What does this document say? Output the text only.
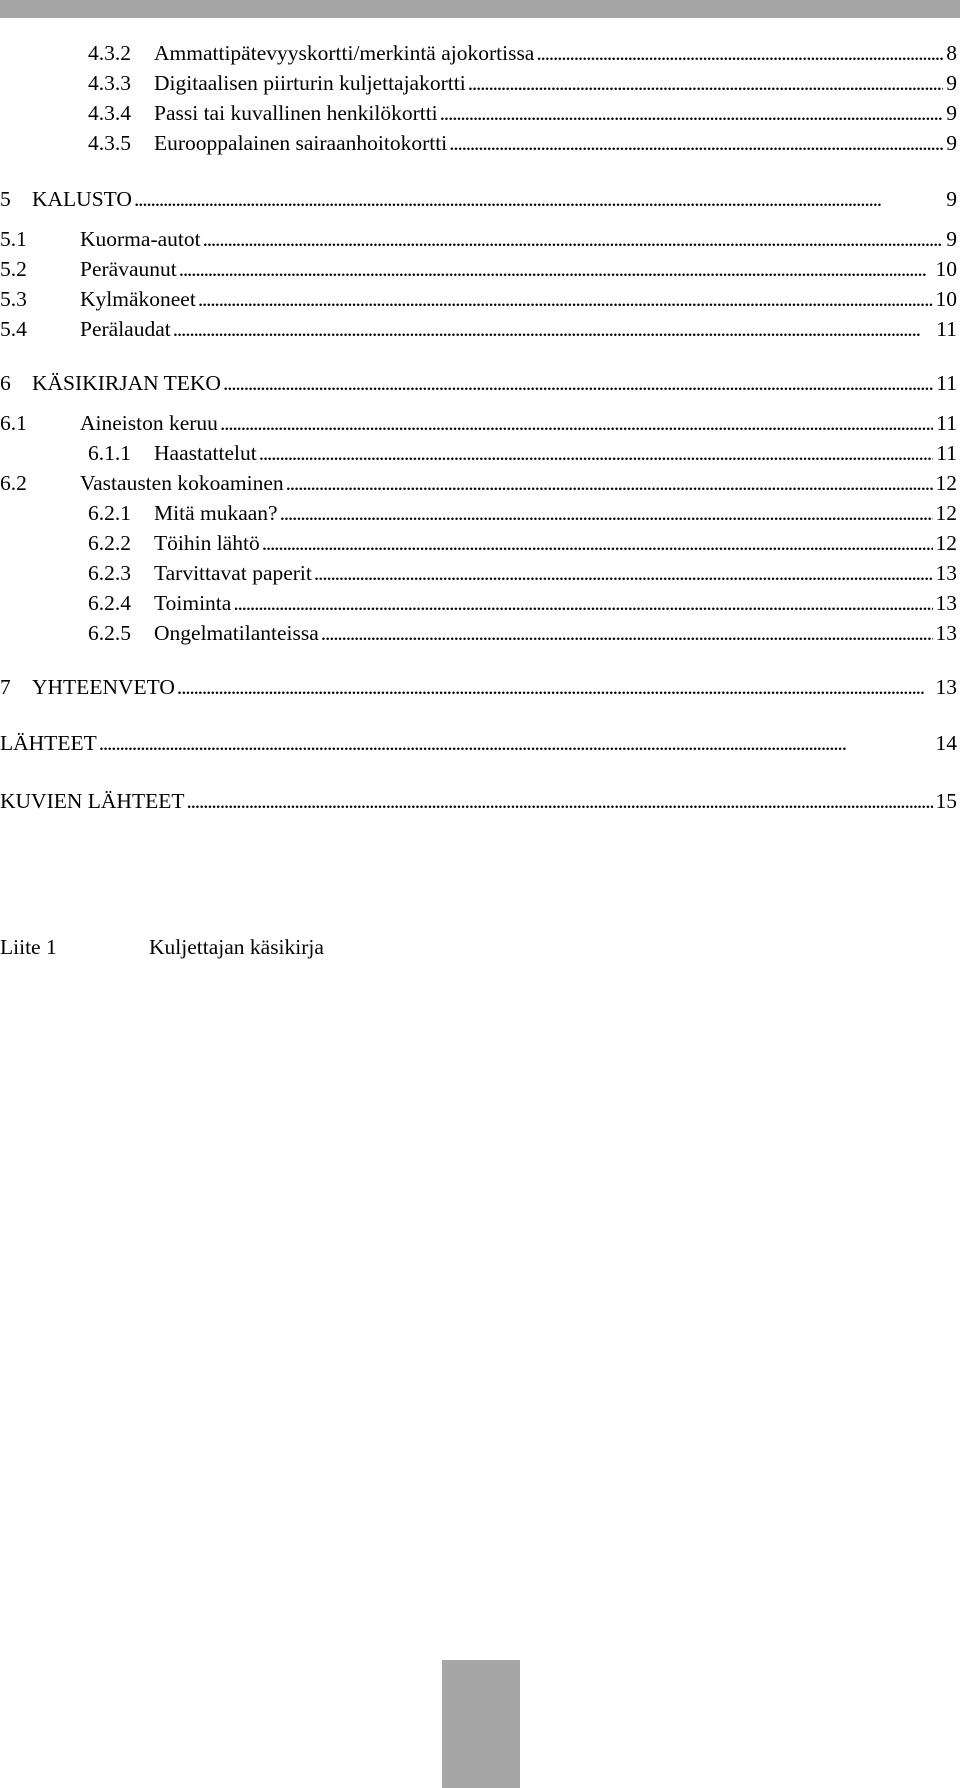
4.3.2	Ammattipätevyyskortti/merkintä ajokortissa . . .	8
4.3.3	Digitaalisen piirturin kuljettajakortti . . .	9
4.3.4	Passi tai kuvallinen henkilökortti . . .	9
4.3.5	Eurooppalainen sairaanhoitokortti . . .	9
5 KALUSTO . . .	9
5.1	Kuorma-autot . . .	9
5.2	Perävaunut . . .	10
5.3	Kylmäkoneet . . .	10
5.4	Perälaudat . . .	11
6 KÄSIKIRJAN TEKO . . .	11
6.1	Aineiston keruu . . .	11
6.1.1	Haastattelut . . .	11
6.2	Vastausten kokoaminen . . .	12
6.2.1	Mitä mukaan? . . .	12
6.2.2	Töihin lähtö . . .	12
6.2.3	Tarvittavat paperit . . .	13
6.2.4	Toiminta . . .	13
6.2.5	Ongelmatilanteissa . . .	13
7 YHTEENVETO . . .	13
LÄHTEET . . .	14
KUVIEN LÄHTEET . . .	15
Liite 1	Kuljettajan käsikirja
